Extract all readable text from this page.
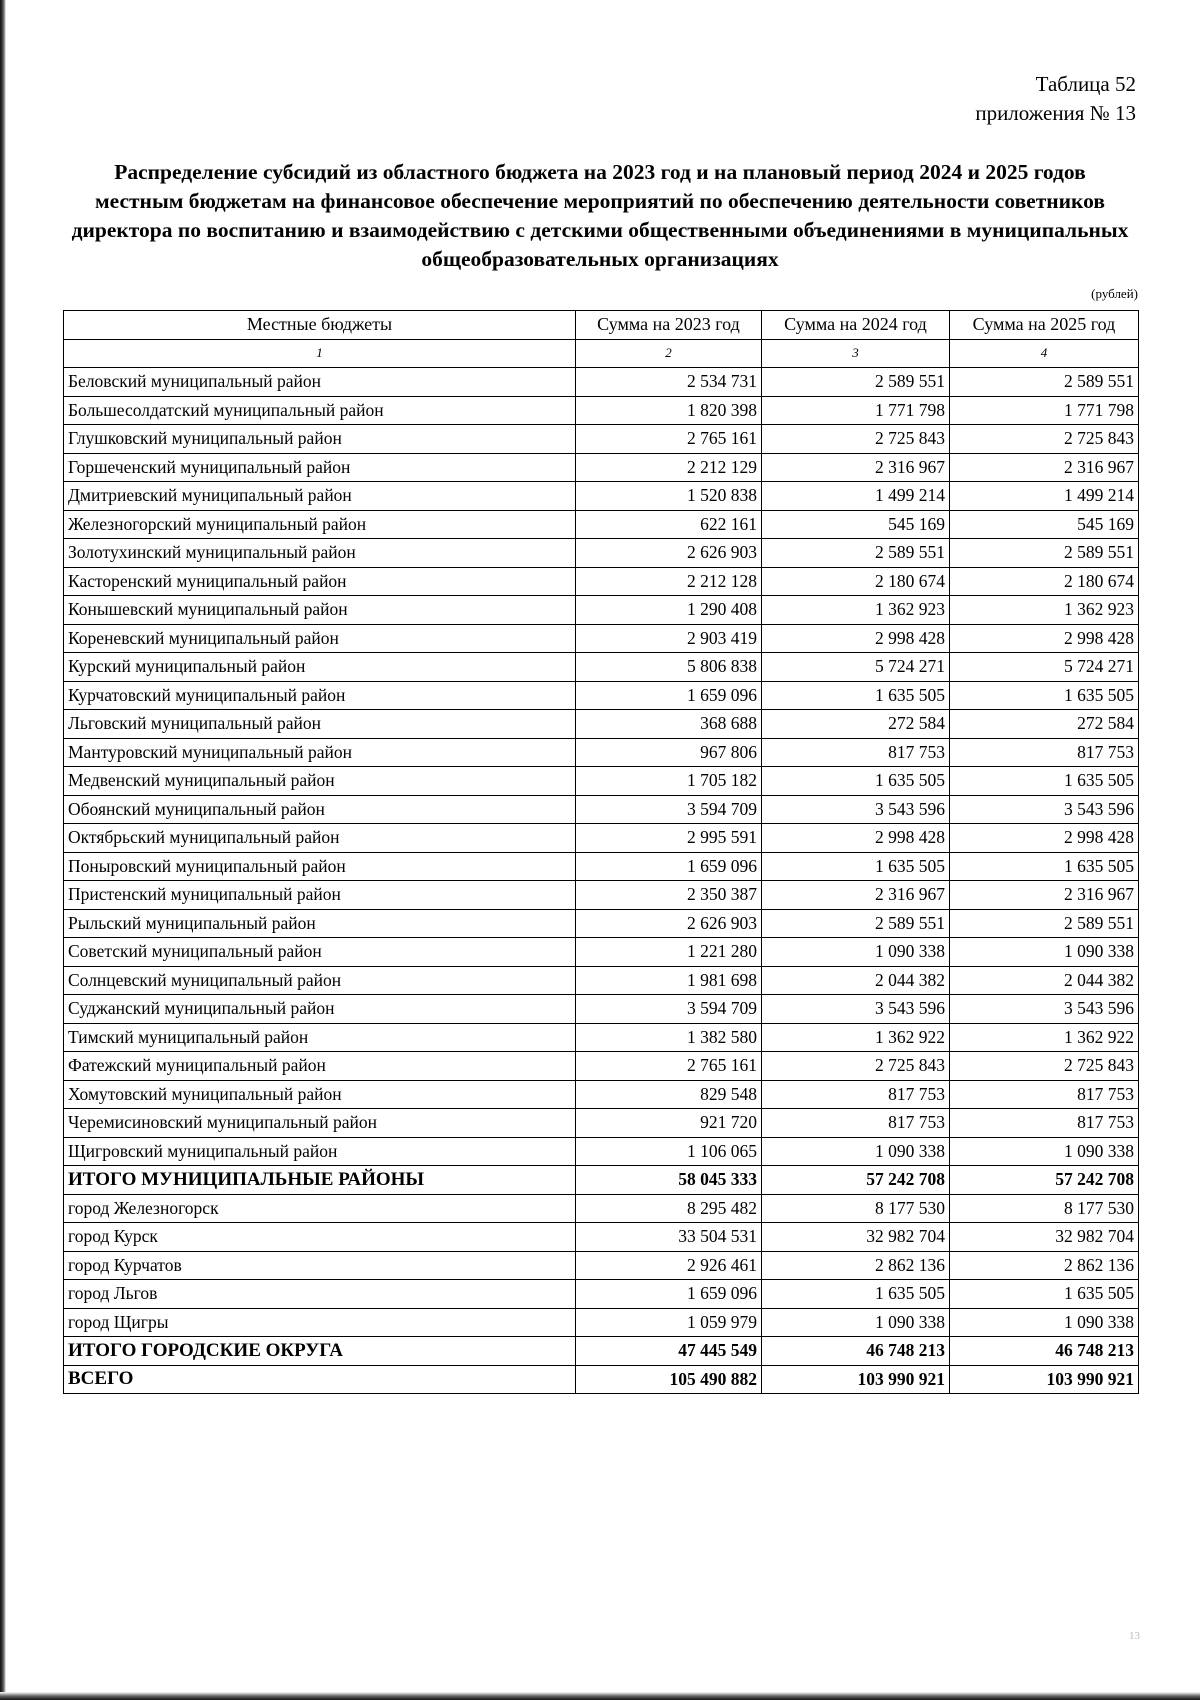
Таблица 52
приложения № 13
Распределение субсидий из областного бюджета на 2023 год и на плановый период 2024 и 2025 годов местным бюджетам на финансовое обеспечение мероприятий по обеспечению деятельности советников директора по воспитанию и взаимодействию с детскими общественными объединениями в муниципальных общеобразовательных организациях
(рублей)
Местные бюджеты	Сумма на 2023 год	Сумма на 2024 год	Сумма на 2025 год
1	2	3	4
Беловский муниципальный район	2 534 731	2 589 551	2 589 551
Большесолдатский муниципальный район	1 820 398	1 771 798	1 771 798
Глушковский муниципальный район	2 765 161	2 725 843	2 725 843
Горшеченский муниципальный район	2 212 129	2 316 967	2 316 967
Дмитриевский муниципальный район	1 520 838	1 499 214	1 499 214
Железногорский муниципальный район	622 161	545 169	545 169
Золотухинский муниципальный район	2 626 903	2 589 551	2 589 551
Касторенский муниципальный район	2 212 128	2 180 674	2 180 674
Конышевский муниципальный район	1 290 408	1 362 923	1 362 923
Кореневский муниципальный район	2 903 419	2 998 428	2 998 428
Курский муниципальный район	5 806 838	5 724 271	5 724 271
Курчатовский муниципальный район	1 659 096	1 635 505	1 635 505
Льговский муниципальный район	368 688	272 584	272 584
Мантуровский муниципальный район	967 806	817 753	817 753
Медвенский муниципальный район	1 705 182	1 635 505	1 635 505
Обоянский муниципальный район	3 594 709	3 543 596	3 543 596
Октябрьский муниципальный район	2 995 591	2 998 428	2 998 428
Поныровский муниципальный район	1 659 096	1 635 505	1 635 505
Пристенский муниципальный район	2 350 387	2 316 967	2 316 967
Рыльский муниципальный район	2 626 903	2 589 551	2 589 551
Советский муниципальный район	1 221 280	1 090 338	1 090 338
Солнцевский муниципальный район	1 981 698	2 044 382	2 044 382
Суджанский муниципальный район	3 594 709	3 543 596	3 543 596
Тимский муниципальный район	1 382 580	1 362 922	1 362 922
Фатежский муниципальный район	2 765 161	2 725 843	2 725 843
Хомутовский муниципальный район	829 548	817 753	817 753
Черемисиновский муниципальный район	921 720	817 753	817 753
Щигровский муниципальный район	1 106 065	1 090 338	1 090 338
ИТОГО МУНИЦИПАЛЬНЫЕ РАЙОНЫ	58 045 333	57 242 708	57 242 708
город Железногорск	8 295 482	8 177 530	8 177 530
город Курск	33 504 531	32 982 704	32 982 704
город Курчатов	2 926 461	2 862 136	2 862 136
город Льгов	1 659 096	1 635 505	1 635 505
город Щигры	1 059 979	1 090 338	1 090 338
ИТОГО ГОРОДСКИЕ ОКРУГА	47 445 549	46 748 213	46 748 213
ВСЕГО	105 490 882	103 990 921	103 990 921
13
